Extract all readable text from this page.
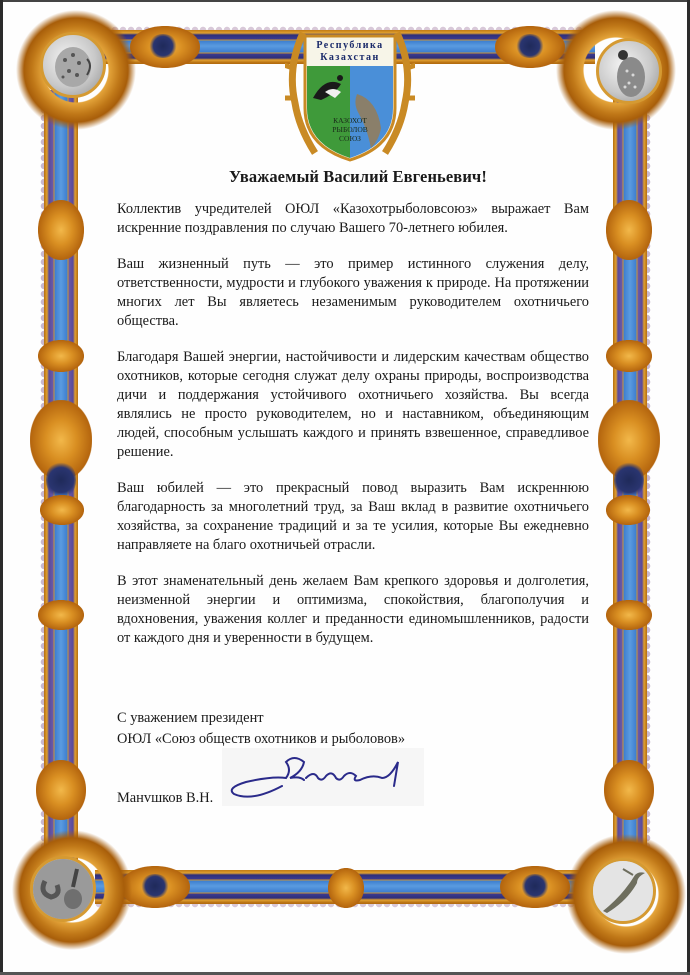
Республика
Казахстан
КАЗОХОТ
РЫБОЛОВ
СОЮЗ
Уважаемый Василий Евгеньевич!

Коллектив учредителей ОЮЛ «Казохотрыболовсоюз» выражает Вам искренние поздравления по случаю Вашего 70-летнего юбилея.

Ваш жизненный путь — это пример истинного служения делу, ответственности, мудрости и глубокого уважения к природе. На протяжении многих лет Вы являетесь незаменимым руководителем охотничьего общества.

Благодаря Вашей энергии, настойчивости и лидерским качествам общество охотников, которые сегодня служат делу охраны природы, воспроизводства дичи и поддержания устойчивого охотничьего хозяйства. Вы всегда являлись не просто руководителем, но и наставником, объединяющим людей, способным услышать каждого и принять взвешенное, справедливое решение.

Ваш юбилей — это прекрасный повод выразить Вам искреннюю благодарность за многолетний труд, за Ваш вклад в развитие охотничьего хозяйства, за сохранение традиций и за те усилия, которые Вы ежедневно направляете на благо охотничьей отрасли.

В этот знаменательный день желаем Вам крепкого здоровья и долголетия, неизменной энергии и оптимизма, спокойствия, благополучия и вдохновения, уважения коллег и преданности единомышленников, радости от каждого дня и уверенности в будущем.

С уважением президент
ОЮЛ «Союз обществ охотников и рыболовов»
Манvшков В.Н.
